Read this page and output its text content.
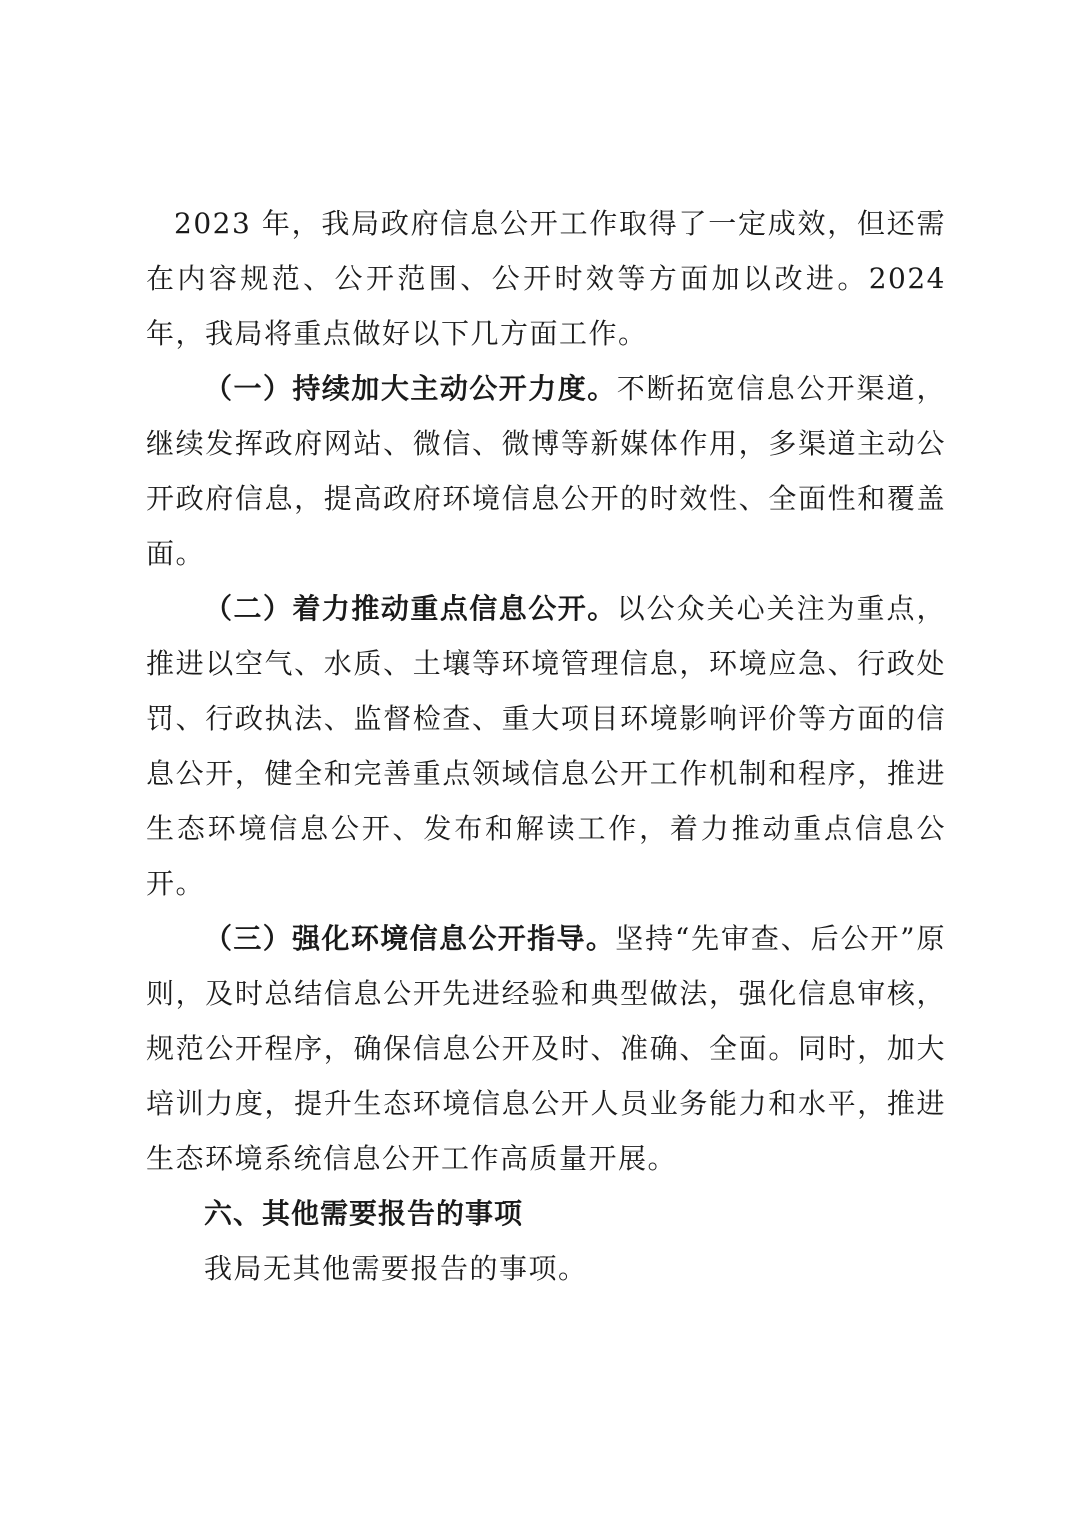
2023 年，我局政府信息公开工作取得了一定成效，但还需在内容规范、公开范围、公开时效等方面加以改进。2024 年，我局将重点做好以下几方面工作。

（一）持续加大主动公开力度。不断拓宽信息公开渠道，继续发挥政府网站、微信、微博等新媒体作用，多渠道主动公开政府信息，提高政府环境信息公开的时效性、全面性和覆盖面。

（二）着力推动重点信息公开。以公众关心关注为重点，推进以空气、水质、土壤等环境管理信息，环境应急、行政处罚、行政执法、监督检查、重大项目环境影响评价等方面的信息公开，健全和完善重点领域信息公开工作机制和程序，推进生态环境信息公开、发布和解读工作，着力推动重点信息公开。

（三）强化环境信息公开指导。坚持“先审查、后公开”原则，及时总结信息公开先进经验和典型做法，强化信息审核，规范公开程序，确保信息公开及时、准确、全面。同时，加大培训力度，提升生态环境信息公开人员业务能力和水平，推进生态环境系统信息公开工作高质量开展。

六、其他需要报告的事项

我局无其他需要报告的事项。
